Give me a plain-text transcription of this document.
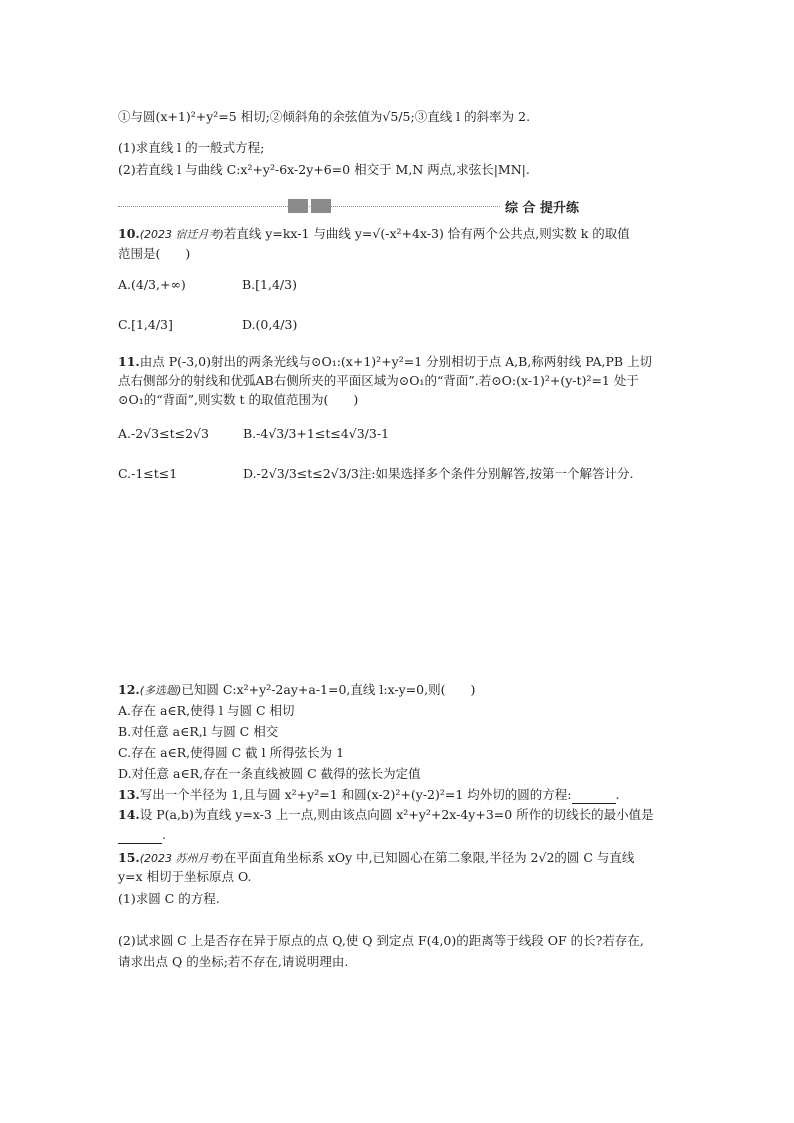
①与圆(x+1)²+y²=5 相切;②倾斜角的余弦值为√5/5;③直线 l 的斜率为 2.
(1)求直线 l 的一般式方程;
(2)若直线 l 与曲线 C:x²+y²-6x-2y+6=0 相交于 M,N 两点,求弦长|MN|.
综 合 提升练
10.(2023 宿迁月考)若直线 y=kx-1 与曲线 y=√(-x²+4x-3) 恰有两个公共点,则实数 k 的取值
范围是(　　)
A.(4/3,+∞)	B.[1,4/3)
C.[1,4/3]	D.(0,4/3)
11.由点 P(-3,0)射出的两条光线与⊙O₁:(x+1)²+y²=1 分别相切于点 A,B,称两射线 PA,PB 上切
点右侧部分的射线和优弧AB右侧所夹的平面区域为⊙O₁的“背面”.若⊙O:(x-1)²+(y-t)²=1 处于
⊙O₁的“背面”,则实数 t 的取值范围为(　　)
A.-2√3≤t≤2√3	B.-4√3/3+1≤t≤4√3/3-1
C.-1≤t≤1	D.-2√3/3≤t≤2√3/3注:如果选择多个条件分别解答,按第一个解答计分.
12.(多选题)已知圆 C:x²+y²-2ay+a-1=0,直线 l:x-y=0,则(　　)
A.存在 a∈R,使得 l 与圆 C 相切
B.对任意 a∈R,l 与圆 C 相交
C.存在 a∈R,使得圆 C 截 l 所得弦长为 1
D.对任意 a∈R,存在一条直线被圆 C 截得的弦长为定值
13.写出一个半径为 1,且与圆 x²+y²=1 和圆(x-2)²+(y-2)²=1 均外切的圆的方程:	.
14.设 P(a,b)为直线 y=x-3 上一点,则由该点向圆 x²+y²+2x-4y+3=0 所作的切线长的最小值是
.
15.(2023 苏州月考)在平面直角坐标系 xOy 中,已知圆心在第二象限,半径为 2√2的圆 C 与直线
y=x 相切于坐标原点 O.
(1)求圆 C 的方程.
(2)试求圆 C 上是否存在异于原点的点 Q,使 Q 到定点 F(4,0)的距离等于线段 OF 的长?若存在,
请求出点 Q 的坐标;若不存在,请说明理由.
